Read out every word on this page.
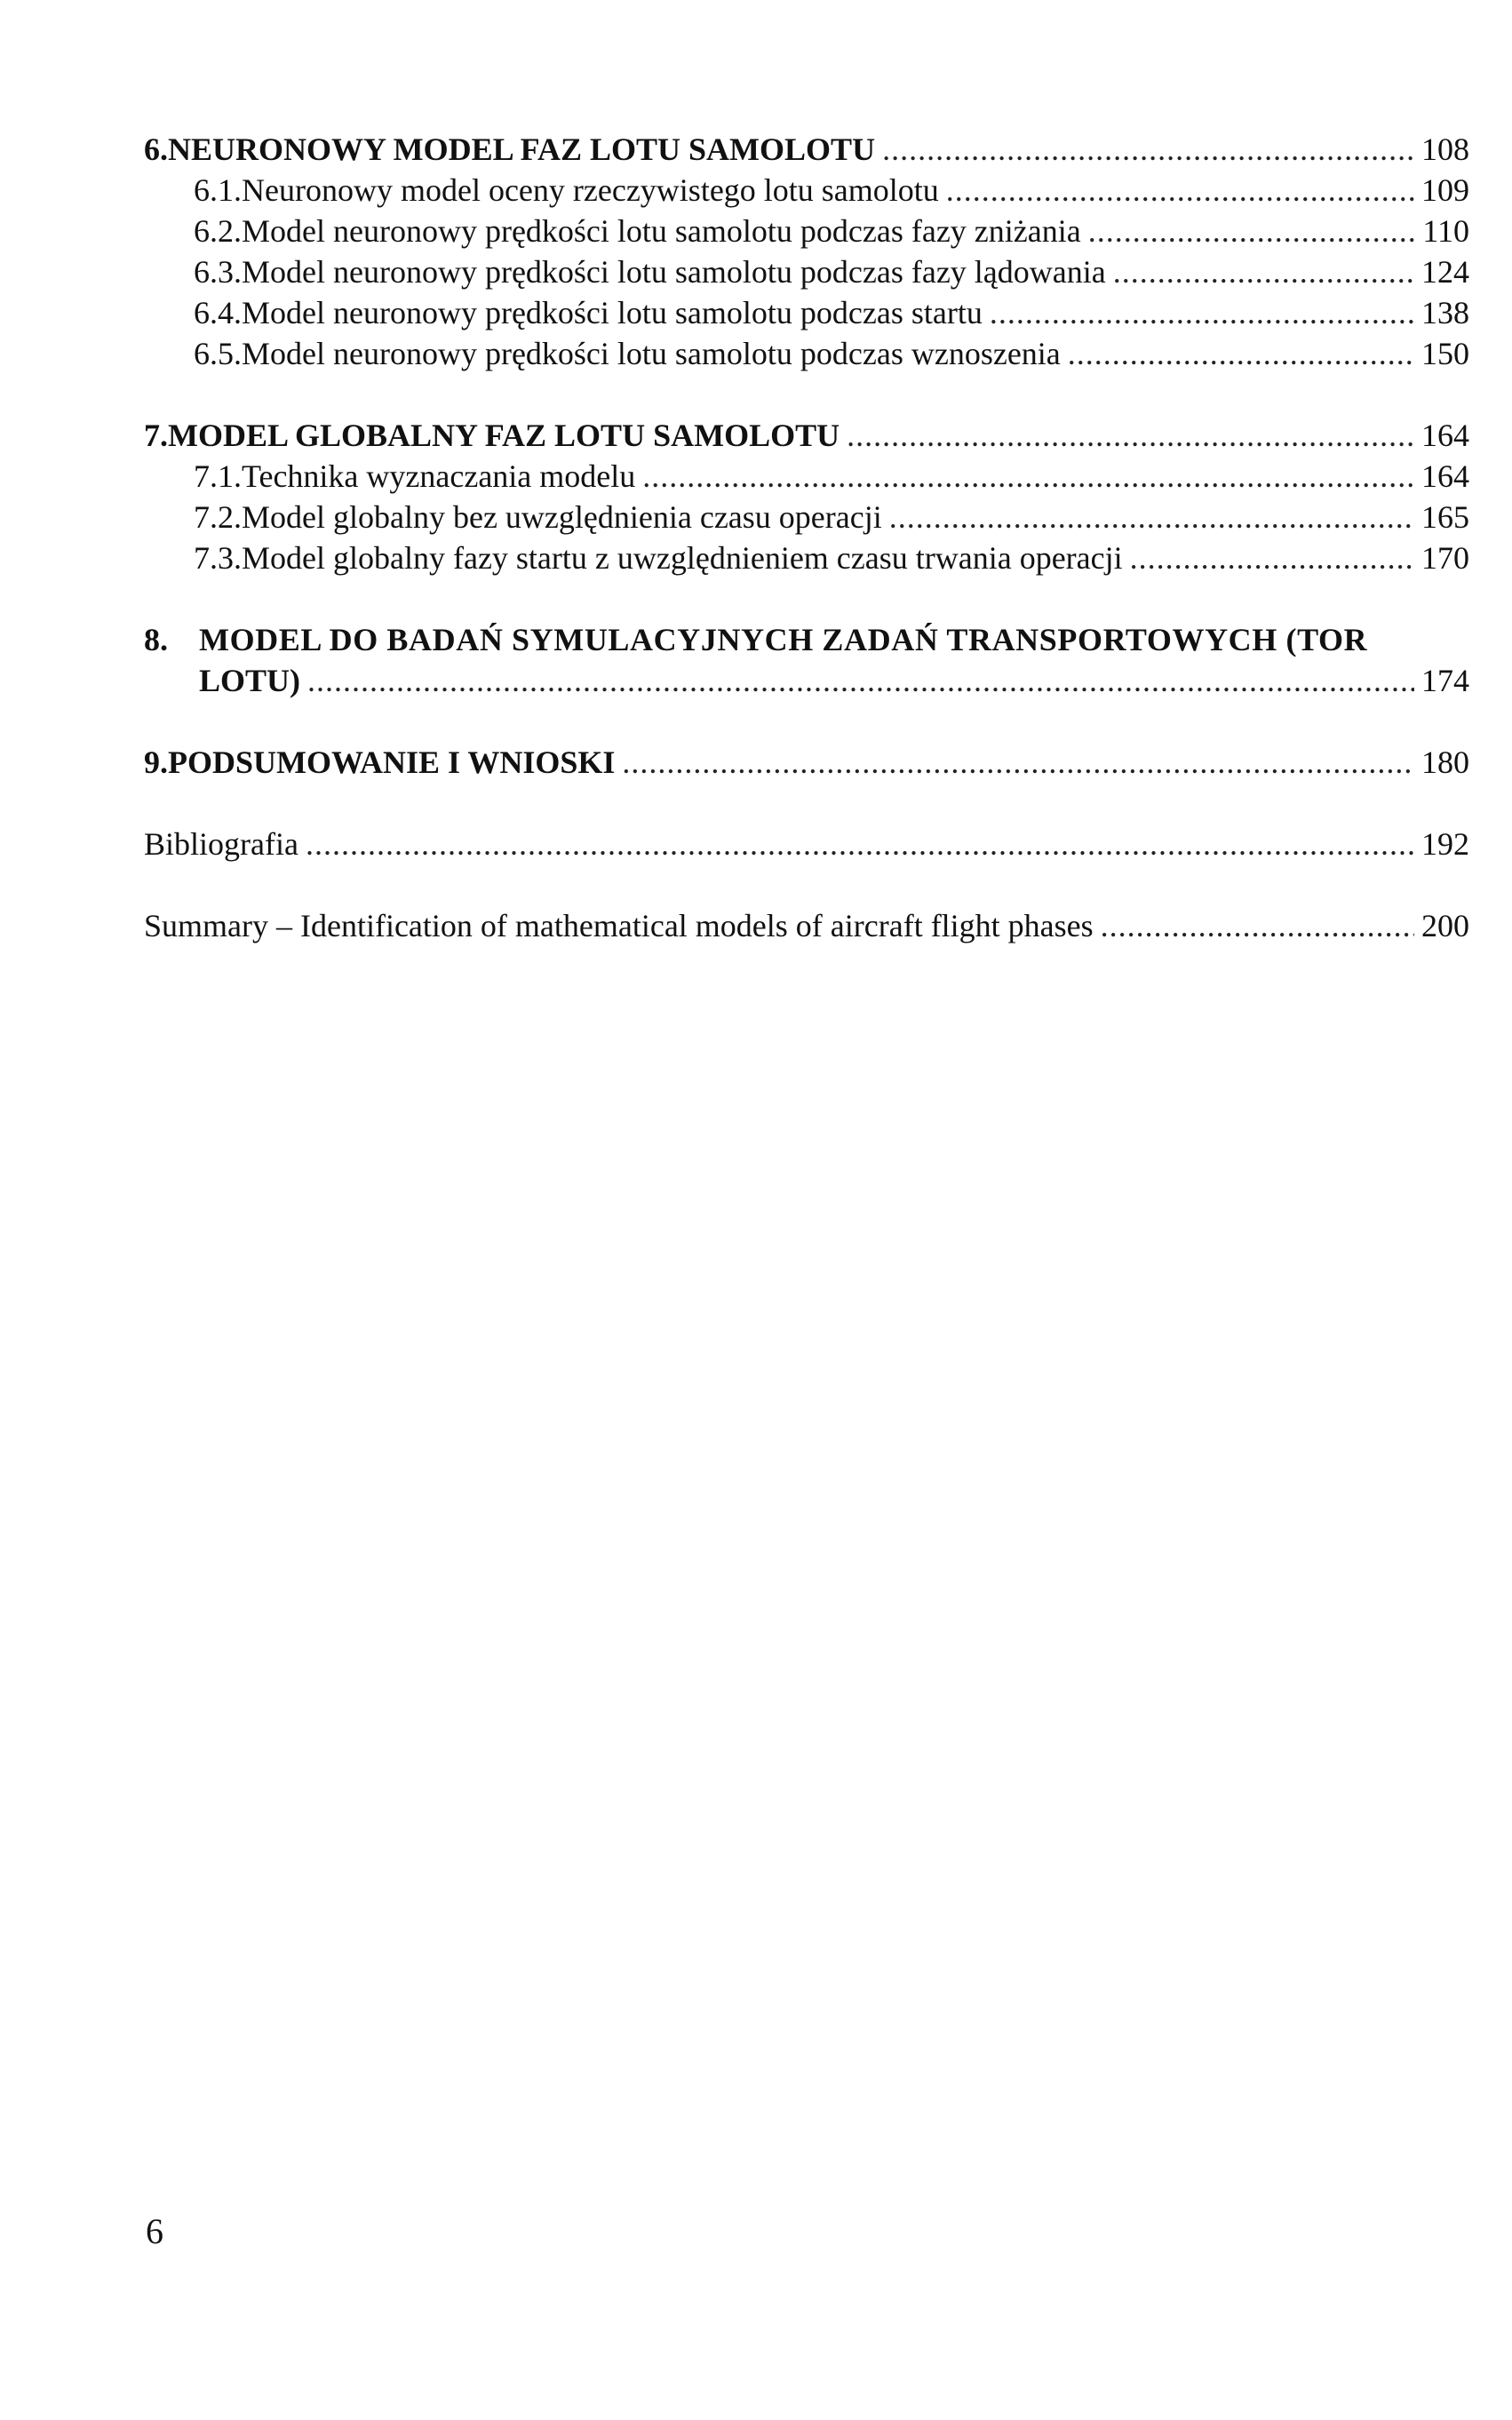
6. NEURONOWY MODEL FAZ LOTU SAMOLOTU .....	108
6.1. Neuronowy model oceny rzeczywistego lotu samolotu .....	109
6.2. Model neuronowy prędkości lotu samolotu podczas fazy zniżania .....	110
6.3. Model neuronowy prędkości lotu samolotu podczas fazy lądowania .....	124
6.4. Model neuronowy prędkości lotu samolotu podczas startu .....	138
6.5. Model neuronowy prędkości lotu samolotu podczas wznoszenia .....	150
7. MODEL GLOBALNY FAZ LOTU SAMOLOTU .....	164
7.1. Technika wyznaczania modelu .....	164
7.2. Model globalny bez uwzględnienia czasu operacji .....	165
7.3. Model globalny fazy startu z uwzględnieniem czasu trwania operacji .....	170
8. MODEL DO BADAŃ SYMULACYJNYCH ZADAŃ TRANSPORTOWYCH (TOR
LOTU) .....	174
9. PODSUMOWANIE I WNIOSKI .....	180
Bibliografia .....	192
Summary – Identification of mathematical models of aircraft flight phases .....	200
6
